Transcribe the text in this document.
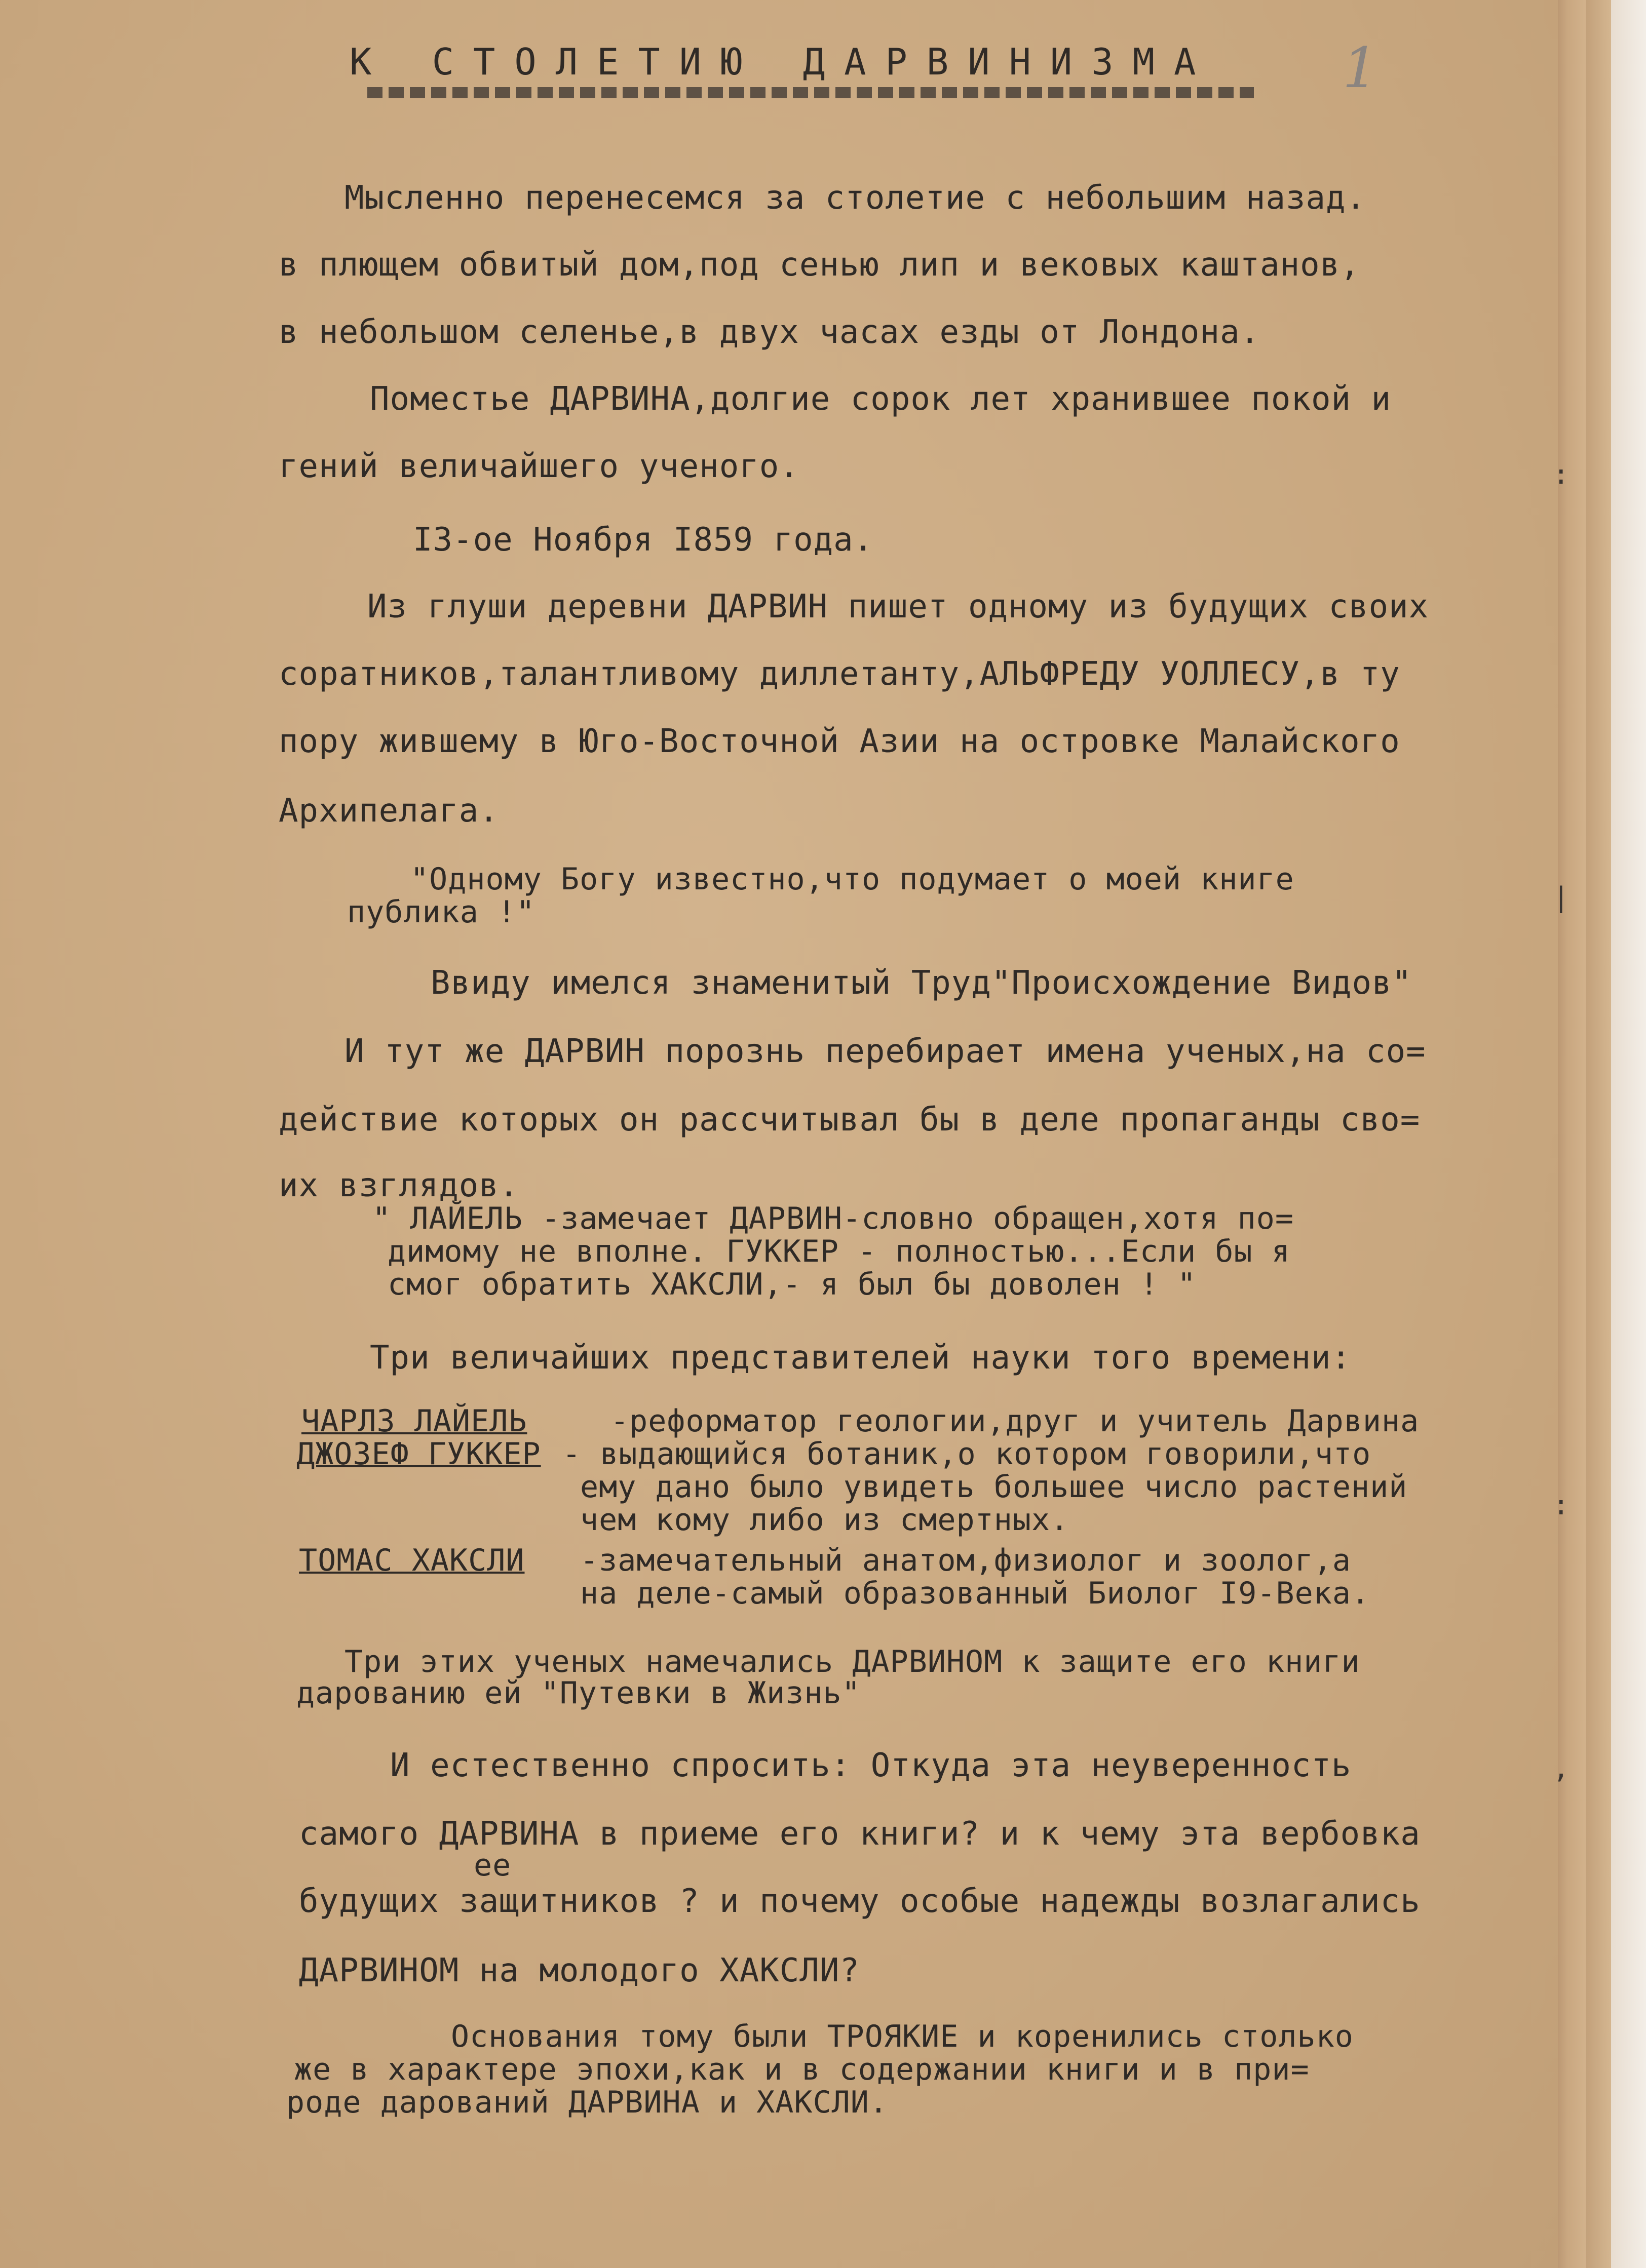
К СТОЛЕТИЮ ДАРВИНИЗМА 1
Мысленно перенесемся за столетие с небольшим назад.
в плющем обвитый дом,под сенью лип и вековых каштанов,
в небольшом селенье,в двух часах езды от Лондона.
Поместье ДАРВИНА,долгие сорок лет хранившее покой и
гений величайшего ученого.
I3-ое Ноября I859 года.
Из глуши деревни ДАРВИН пишет одному из будущих своих
соратников,талантливому диллетанту,АЛЬФРЕДУ УОЛЛЕСУ,в ту
пору жившему в Юго-Восточной Азии на островке Малайского
Архипелага.
"Одному Богу известно,что подумает о моей книге
публика !"
Ввиду имелся знаменитый Труд"Происхождение Видов"
И тут же ДАРВИН порознь перебирает имена ученых,на со=
действие которых он рассчитывал бы в деле пропаганды сво=
их взглядов.
" ЛАЙЕЛЬ -замечает ДАРВИН-словно обращен,хотя по=
димому не вполне. ГУККЕР - полностью...Если бы я
смог обратить ХАКСЛИ,- я был бы доволен ! "
Три величайших представителей науки того времени:
ЧАРЛЗ ЛАЙЕЛЬ	-реформатор геологии,друг и учитель Дарвина
ДЖОЗЕФ ГУККЕР - выдающийся ботаник,о котором говорили,что
ему дано было увидеть большее число растений
чем кому либо из смертных.
ТОМАС ХАКСЛИ -замечательный анатом,физиолог и зоолог,а
на деле-самый образованный Биолог I9-Века.
Три этих ученых намечались ДАРВИНОМ к защите его книги
дарованию ей "Путевки в Жизнь"
И естественно спросить: Откуда эта неуверенность
самого ДАРВИНА в приеме его книги? и к чему эта вербовка
ее
будущих защитников ? и почему особые надежды возлагались
ДАРВИНОМ на молодого ХАКСЛИ?
Основания тому были ТРОЯКИЕ и коренились столько
же в характере эпохи,как и в содержании книги и в при=
роде дарований ДАРВИНА и ХАКСЛИ.
:
|
:
,
